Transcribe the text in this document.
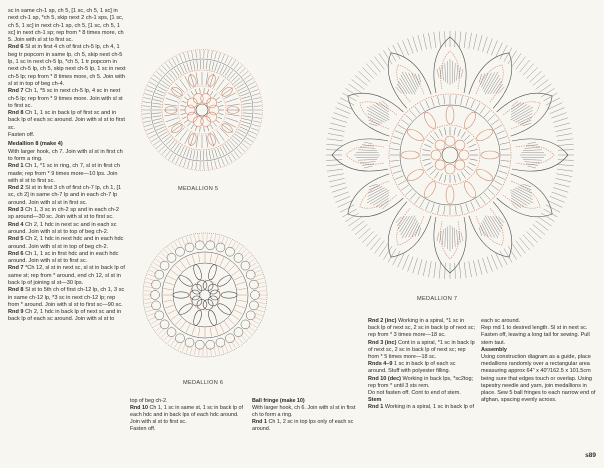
sc in same ch-1 sp, ch 5, [1 sc, ch 5, 1 sc] in next ch-1 sp, *ch 5, skip next 2 ch-1 sps, [1 sc, ch 5, 1 sc] in next ch-1 sp, ch 5, [1 sc, ch 5, 1 sc] in next ch-1 sp; rep from * 8 times more, ch 5. Join with sl st to first sc.

Rnd 6 Sl st in first 4 ch of first ch-5 lp, ch 4, 1 beg tr popcorn in same lp, ch 5, skip next ch-5 lp, 1 sc in next ch-5 lp, *ch 5, 1 tr popcorn in next ch-5 lp, ch 5, skip next ch-5 lp, 1 sc in next ch-5 lp; rep from * 8 times more, ch 5. Join with sl st in top of beg ch-4.

Rnd 7 Ch 1, *5 sc in next ch-5 lp, 4 sc in next ch-5 lp; rep from * 9 times more. Join with sl st to first sc.

Rnd 8 Ch 1, 1 sc in back lp of first sc and in back lp of each sc around. Join with sl st to first sc.

Fasten off.

Medallion 8 (make 4)

With larger hook, ch 7. Join with sl st in first ch to form a ring.

Rnd 1 Ch 1, *1 sc in ring, ch 7, sl st in first ch made; rep from * 9 times more—10 lps. Join with sl st to first sc.

Rnd 2 Sl st in first 3 ch of first ch-7 lp, ch 1, [1 sc, ch 2] in same ch-7 lp and in each ch-7 lp around. Join with sl st in first sc.

Rnd 3 Ch 1, 3 sc in ch-2 sp and in each ch-2 sp around—30 sc. Join with sl st to first sc.

Rnd 4 Ch 2, 1 hdc in next sc and in each sc around. Join with sl st to top of beg ch-2.

Rnd 5 Ch 2, 1 hdc in next hdc and in each hdc around. Join with sl st in top of beg ch-2.

Rnd 6 Ch 1, 1 sc in first hdc and in each hdc around. Join with sl st to first sc.

Rnd 7 *Ch 12, sl st in next sc, sl st in back lp of same st; rep from * around, end ch 12, sl st in back lp of joining sl st—30 lps.

Rnd 8 Sl st to 5th ch of first ch-12 lp, ch 1, 3 sc in same ch-12 lp, *3 sc in next ch-12 lp; rep from * around. Join with sl st to first sc—90 sc.

Rnd 9 Ch 2, 1 hdc in back lp of next sc and in back lp of each sc around. Join with sl st to

MEDALLION 5
MEDALLION 6
MEDALLION 7

top of beg ch-2.

Rnd 10 Ch 1, 1 sc in same st, 1 sc in back lp of each hdc and in back lps of each hdc around. Join with sl st to first sc.

Fasten off.

Ball fringe (make 10)

With larger hook, ch 6. Join with sl st in first ch to form a ring.

Rnd 1 Ch 1, 2 sc in top lps only of each sc around.

Rnd 2 (inc) Working in a spiral, *1 sc in back lp of next sc, 2 sc in back lp of next sc; rep from * 3 times more—18 sc.

Rnd 3 (inc) Cont in a spiral, *1 sc in back lp of next sc, 2 sc in back lp of next sc; rep from * 5 times more—18 sc.

Rnds 4–9 1 sc in back lp of each sc around. Stuff with polyester filling.

Rnd 10 (dec) Working in back lps, *sc2tog; rep from * until 3 sts rem.

Do not fasten off. Cont to end of stem.

Stem

Rnd 1 Working in a spiral, 1 sc in back lp of

each sc around.

Rep rnd 1 to desired length. Sl st in next sc. Fasten off, leaving a long tail for sewing. Pull stem taut.

Assembly

Using construction diagram as a guide, place medallions randomly over a rectangular area measuring approx 64" x 40"/162.5 x 101.5cm being sure that edges touch or overlap. Using tapestry needle and yarn, join medallions in place. Sew 5 ball fringes to each narrow end of afghan, spacing evenly across.

s89
